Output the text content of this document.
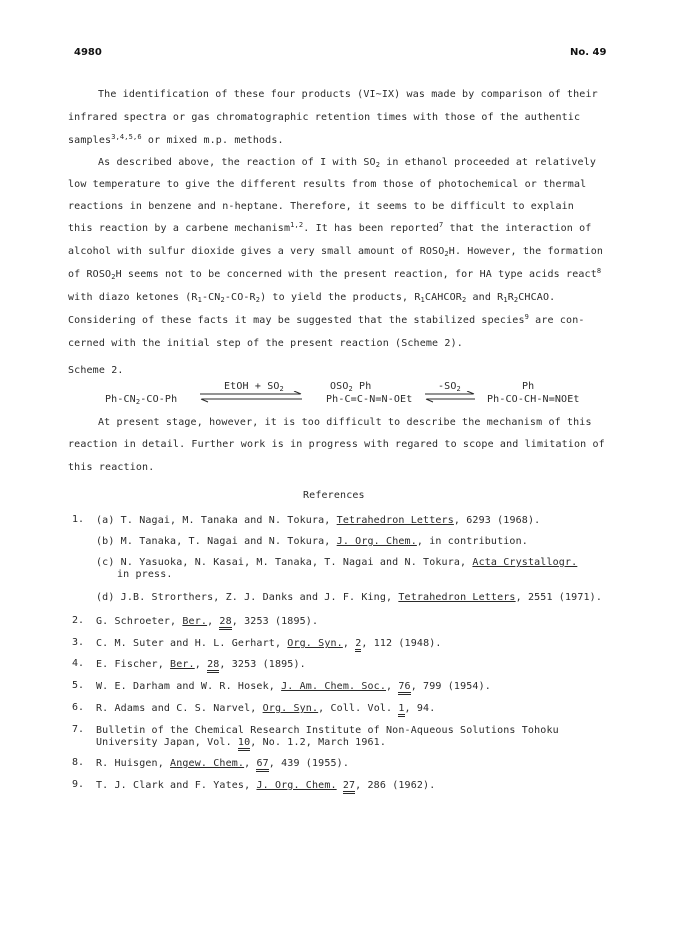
4980	No. 49
The identification of these four products (VI~IX) was made by comparison of their
infrared spectra or gas chromatographic retention times with those of the authentic
samples$^{3,4,5,6}$ or mixed m.p. methods.
As described above, the reaction of I with $SO_2$ in ethanol proceeded at relatively
low temperature to give the different results from those of photochemical or thermal
reactions in benzene and n-heptane. Therefore, it seems to be difficult to explain
this reaction by a carbene mechanism$^{1,2}$. It has been reported$^7$ that the interaction of
alcohol with sulfur dioxide gives a very small amount of $ROSO_2H$. However, the formation
of $ROSO_2H$ seems not to be concerned with the present reaction, for HA type acids react$^8$
with diazo ketones $(R_1-CN_2-CO-R_2)$ to yield the products, $R_1CAHCOR_2$ and $R_1R_2CHCAO$.
Considering of these facts it may be suggested that the stabilized species$^9$ are con-
cerned with the initial step of the present reaction (Scheme 2).
Scheme 2.
$Ph-CN_2-CO-Ph$
EtOH + $SO_2$	$OSO_2$ Ph
Ph-C=C-N=N-OEt
$-SO_2$	Ph
Ph-CO-CH-N=NOEt
At present stage, however, it is too difficult to describe the mechanism of this
reaction in detail. Further work is in progress with regared to scope and limitation of
this reaction.
References
1. (a) T. Nagai, M. Tanaka and N. Tokura, Tetrahedron Letters, 6293 (1968).
(b) M. Tanaka, T. Nagai and N. Tokura, J. Org. Chem., in contribution.
(c) N. Yasuoka, N. Kasai, M. Tanaka, T. Nagai and N. Tokura, Acta Crystallogr.
in press.
(d) J.B. Strorthers, Z. J. Danks and J. F. King, Tetrahedron Letters, 2551 (1971).
2. G. Schroeter, Ber., 28, 3253 (1895).
3. C. M. Suter and H. L. Gerhart, Org. Syn., 2, 112 (1948).
4. E. Fischer, Ber., 28, 3253 (1895).
5. W. E. Darham and W. R. Hosek, J. Am. Chem. Soc., 76, 799 (1954).
6. R. Adams and C. S. Narvel, Org. Syn., Coll. Vol. 1, 94.
7. Bulletin of the Chemical Research Institute of Non-Aqueous Solutions Tohoku
University Japan, Vol. 10, No. 1.2, March 1961.
8. R. Huisgen, Angew. Chem., 67, 439 (1955).
9. T. J. Clark and F. Yates, J. Org. Chem. 27, 286 (1962).
